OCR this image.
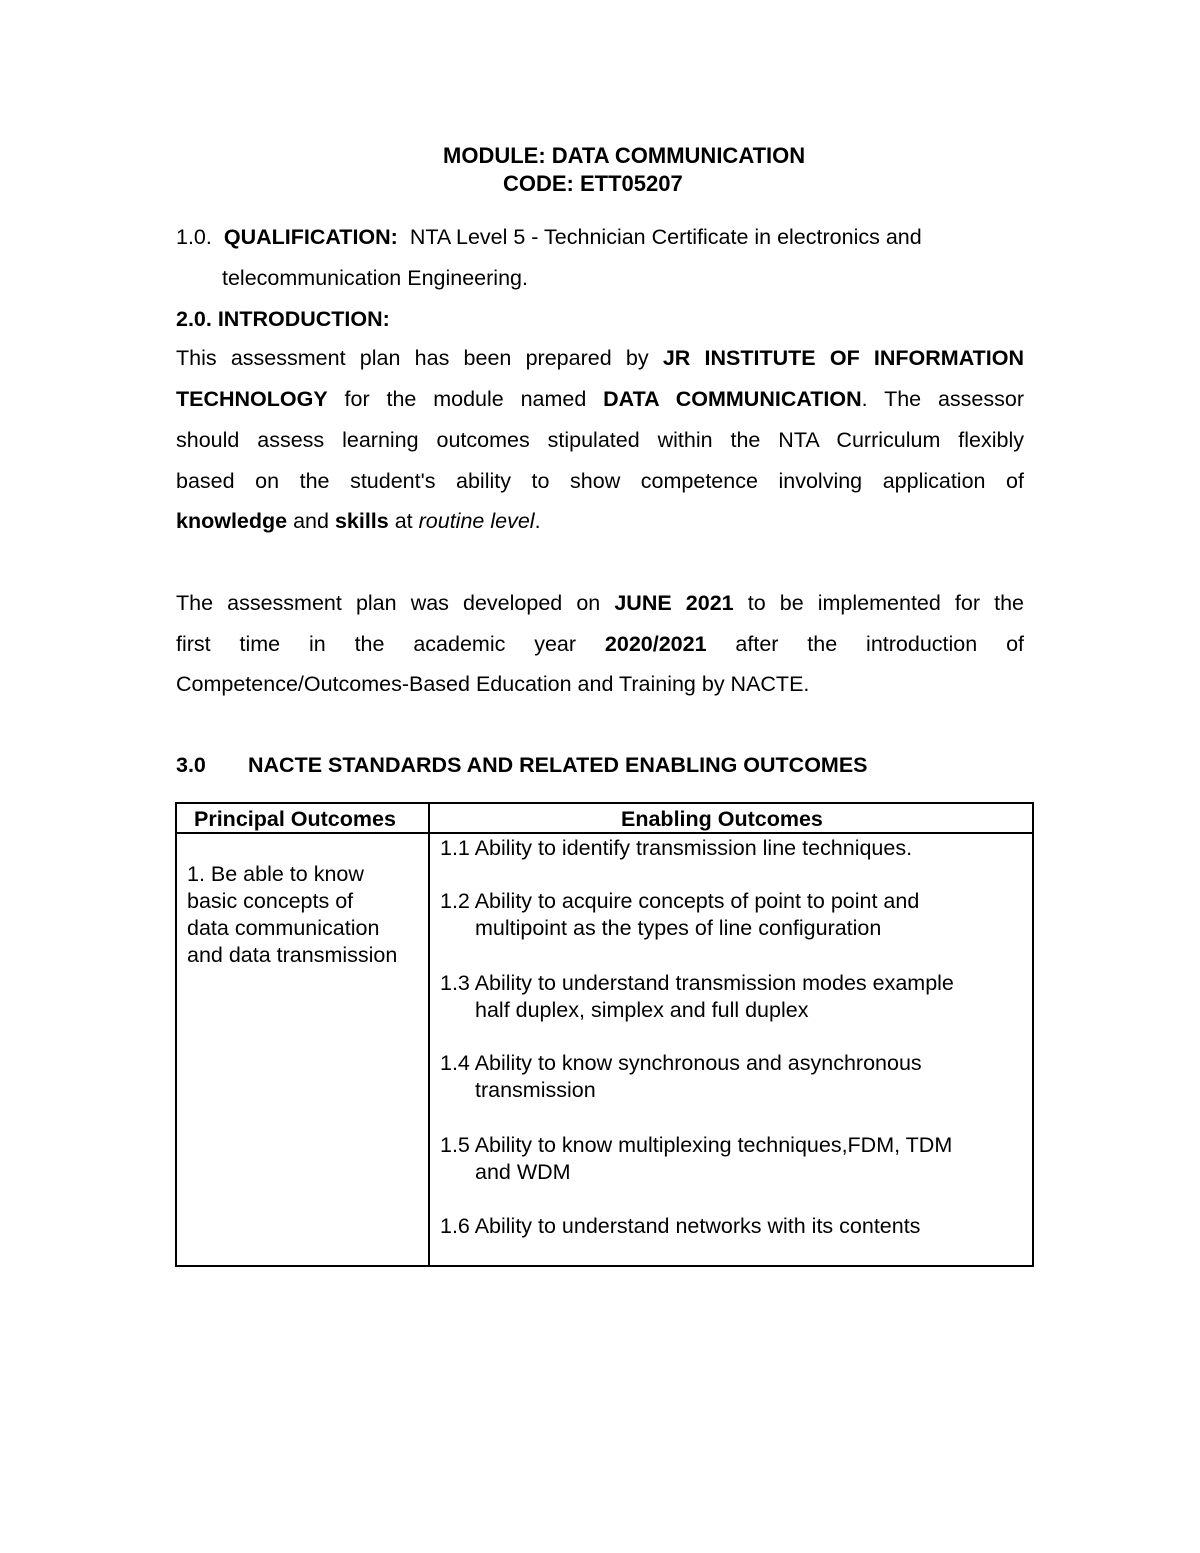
MODULE: DATA COMMUNICATION
CODE: ETT05207
1.0. QUALIFICATION: NTA Level 5 - Technician Certificate in electronics and
telecommunication Engineering.
2.0. INTRODUCTION:
This assessment plan has been prepared by JR INSTITUTE OF INFORMATION
TECHNOLOGY for the module named DATA COMMUNICATION. The assessor
should assess learning outcomes stipulated within the NTA Curriculum flexibly
based on the student's ability to show competence involving application of
knowledge and skills at routine level.
The assessment plan was developed on JUNE 2021 to be implemented for the
first time in the academic year 2020/2021 after the introduction of
Competence/Outcomes-Based Education and Training by NACTE.
3.0 NACTE STANDARDS AND RELATED ENABLING OUTCOMES
Principal Outcomes	Enabling Outcomes
1. Be able to know
basic concepts of
data communication
and data transmission
1.1 Ability to identify transmission line techniques.
1.2 Ability to acquire concepts of point to point and
multipoint as the types of line configuration
1.3 Ability to understand transmission modes example
half duplex, simplex and full duplex
1.4 Ability to know synchronous and asynchronous
transmission
1.5 Ability to know multiplexing techniques,FDM, TDM
and WDM
1.6 Ability to understand networks with its contents
